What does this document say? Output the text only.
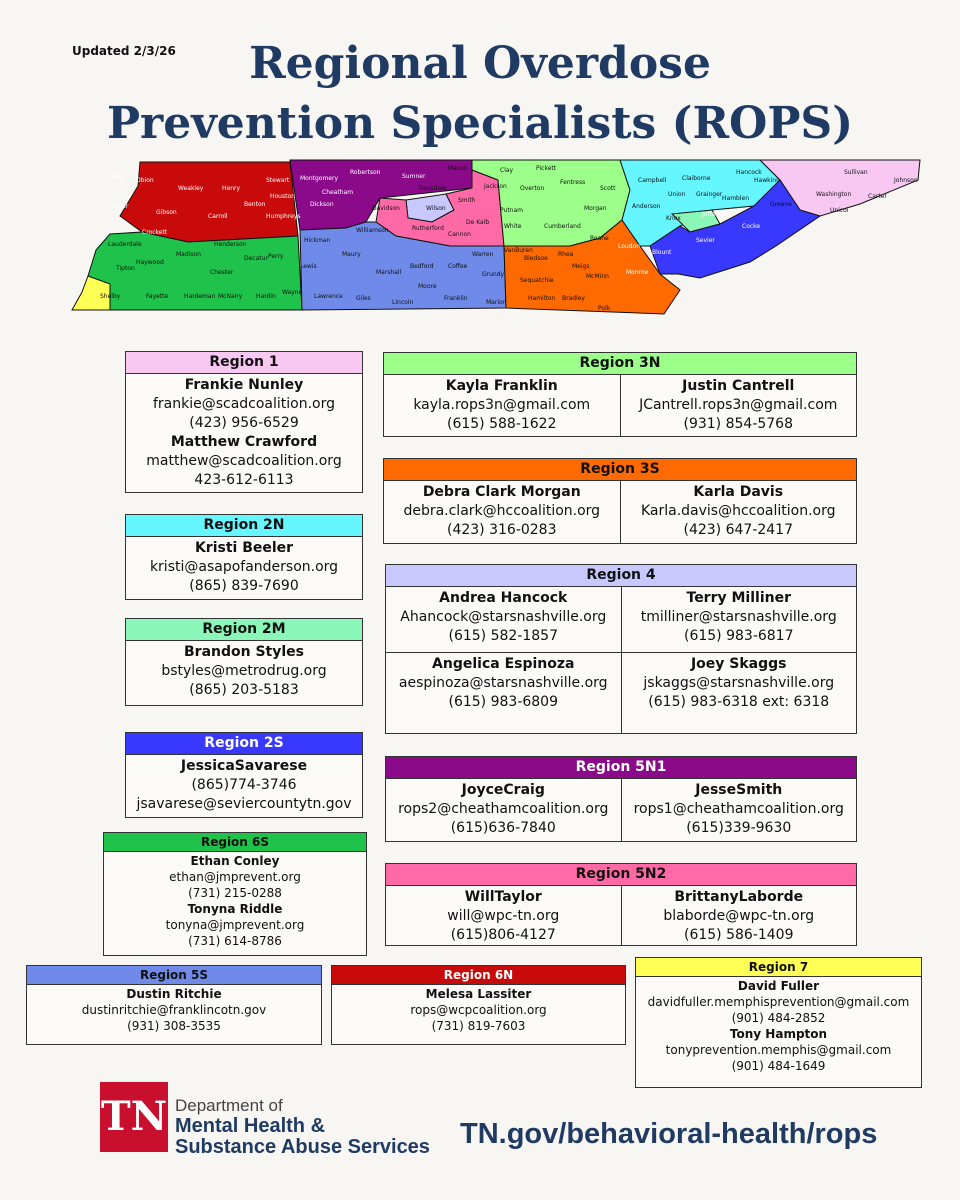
Updated 2/3/26	Regional Overdose
Prevention Specialists (ROPS)
Lake
Obion
Weakley	Henry
Dyer
Gibson
Carroll
Benton
Crockett
Lauderdale
Haywood
Madison
Henderson
Decatur
Tipton
Chester
Fayette	Hardeman McNairy Hardin
Shelby
Stewart Montgomery
Robertson
Sumner
Houston
Cheatham
Dickson
Humphreys
Davidson
Trousdale
Wilson
Williamson	Rutherford
Cannon
Hickman
Perry
Lewis
Maury
Marshall
Bedford Coffee
Wayne
Lawrence Giles
Lincoln
Moore
Franklin
Macon	Clay	Pickett
Jackson Overton
Fentress
Smith
Putnam
De Kalb
White	Cumberland
Warren
VanBuren
Scott
Campbell	Claiborne
Union Grainger
Morgan	Anderson
Roane
Knox
Hancock
Hawkins
Sullivan
Johnson
Washington
Hamblen
Greene
Carter
Unicoi
Jefferson
Cocke
Sevier
Loudon
Blount
Monroe
Grundy
Bledsoe
Rhea
Meigs
Sequatchie
McMinn
Marion
Hamilton Bradley
Polk
Region 1
Frankie Nunley
frankie@scadcoalition.org
(423) 956-6529
Matthew Crawford
matthew@scadcoalition.org
423-612-6113
Region 2N
Kristi Beeler
kristi@asapofanderson.org
(865) 839-7690
Region 2M
Brandon Styles
bstyles@metrodrug.org
(865) 203-5183
Region 2S
JessicaSavarese
(865)774-3746
jsavarese@seviercountytn.gov
Region 6S
Ethan Conley
ethan@jmprevent.org
(731) 215-0288
Tonyna Riddle
tonyna@jmprevent.org
(731) 614-8786
Region 5S
Dustin Ritchie
dustinritchie@franklincotn.gov
(931) 308-3535
Region 6N
Melesa Lassiter
rops@wcpcoalition.org
(731) 819-7603
Region 7
David Fuller
davidfuller.memphisprevention@gmail.com
(901) 484-2852
Tony Hampton
tonyprevention.memphis@gmail.com
(901) 484-1649
Region 3N
Kayla Franklin
kayla.rops3n@gmail.com
(615) 588-1622
Justin Cantrell
JCantrell.rops3n@gmail.com
(931) 854-5768
Region 3S
Debra Clark Morgan
debra.clark@hccoalition.org
(423) 316-0283
Karla Davis
Karla.davis@hccoalition.org
(423) 647-2417
Region 4
Andrea Hancock
Ahancock@starsnashville.org
(615) 582-1857
Terry Milliner
tmilliner@starsnashville.org
(615) 983-6817
Angelica Espinoza
aespinoza@starsnashville.org
(615) 983-6809
Joey Skaggs
jskaggs@starsnashville.org
(615) 983-6318 ext: 6318
Region 5N1
JoyceCraig
rops2@cheathamcoalition.org
(615)636-7840
JesseSmith
rops1@cheathamcoalition.org
(615)339-9630
Region 5N2
WillTaylor
will@wpc-tn.org
(615)806-4127
BrittanyLaborde
blaborde@wpc-tn.org
(615) 586-1409
TN Department of
Mental Health &
Substance Abuse Services TN.gov/behavioral-health/rops
